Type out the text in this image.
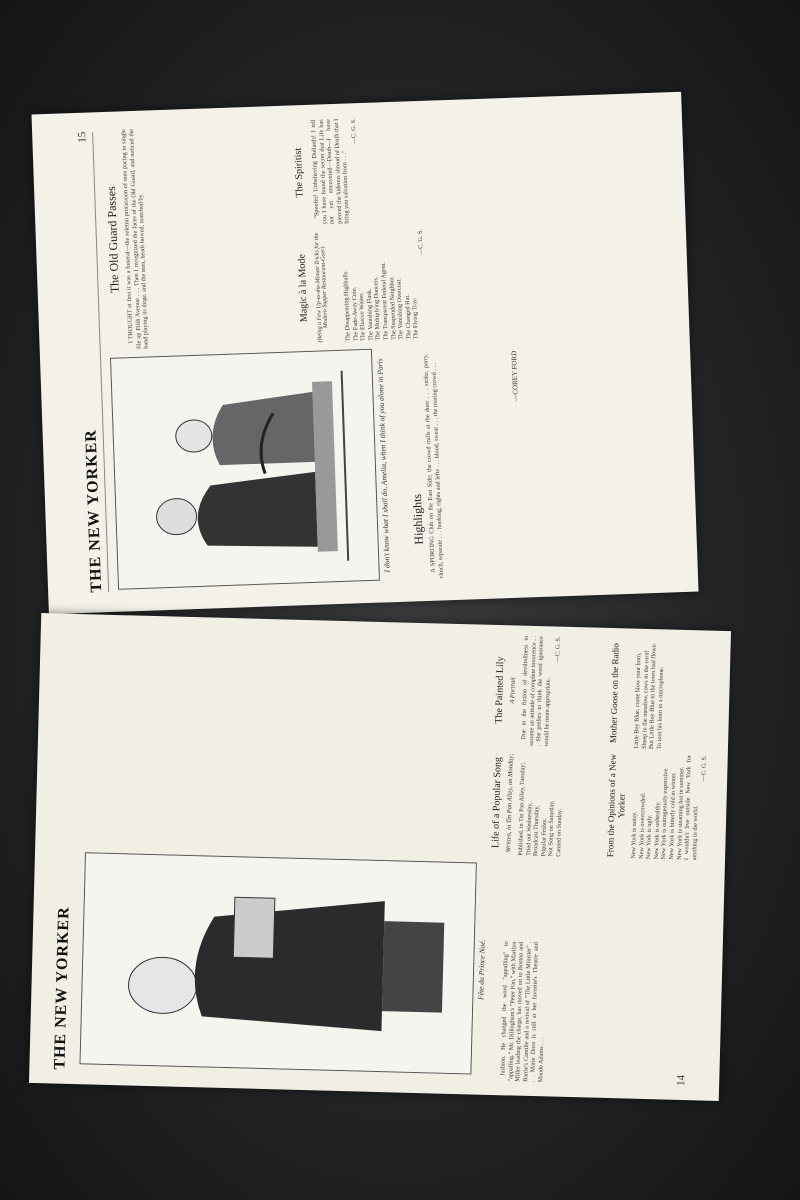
THE NEW YORKER
15
I don't know what I shall do, Amelia, when I think of you alone in Paris
The Old Guard Passes

I THOUGHT at first it was a funeral—the solemn procession of men pacing in single file up Fifth Avenue . . . Then I recognized the faces of the Old Guard, and noticed the band playing its dirge, and the men, heads bowed, marched by.

Highlights

A SPORTING Club on the East Side; the crowd mills at the door . . . strike, parry, clinch, separate . . . hooking, rights and lefts . . . blood, sweat . . . the roaring crowd . . .	—COREY FORD
Magic à la Mode (Being a Few Up-to-the-Minute Tricks for the Modern Supper Restaurant-Goer) The Disappearing Highballs.
The Fade-Away Coin.
The Elusive Waiter.
The Vanishing Flask.
The Multiplying Dancers.
The Transparent Federal Agent.
The Suspended Neighbor.
The Vanishing Overcoat. The Changed Hat. The Flying Tray.
—C. G. S.
The Spiritist "Spoofer! Unbelieving Dullards! I tell you I have found the secret that Life has not yet uncovered—Death—I have pierced the hideous shroud of Death that I bring you salvation from . . ."

—C. G. S.
14
THE NEW YORKER	fashion. He changed the word "appalling" to "appalling." Mr. Dillingham's "Peter Pan," with Marilyn Miller leading the charge, has moved on to Boston and Barrie's Camille and a revival of "The Little Minister" . . . Marie Doro is still at her favorite's Theatre and Maude Adams . . .

Fête du Prince Noé.
Life of a Popular Song Written, in Tin Pan Alley, on Monday; Published, in Tin Pan Alley, Tuesday;
Tried out Wednesday, Broadcast Thursday, Popular Friday, Not Sung on Saturday, Canned on Sunday.
The Painted Lily A Portrait Due to the fiction of deviltollness to assume an attitude of complete innocence . . . She prefers to think the word ignorance would be more appropriate.

—C. G. S.
From the Opinions of a New Yorker
New York is noisy. New York is overcrowded.
New York is ugly. New York is unhealthy. New York is outrageously expensive.
New York is bitterly cold in winter.
New York is steaming hot in summer.
I wouldn't live outside New York for anything in the world.
—C. G. S.
Mother Goose on the Radio Little Boy Blue, come blow your horn,
Sheep in the meadow, cows in the corn!
But Little Boy Blue to the town had flown
To toot his horn to a microphone.
